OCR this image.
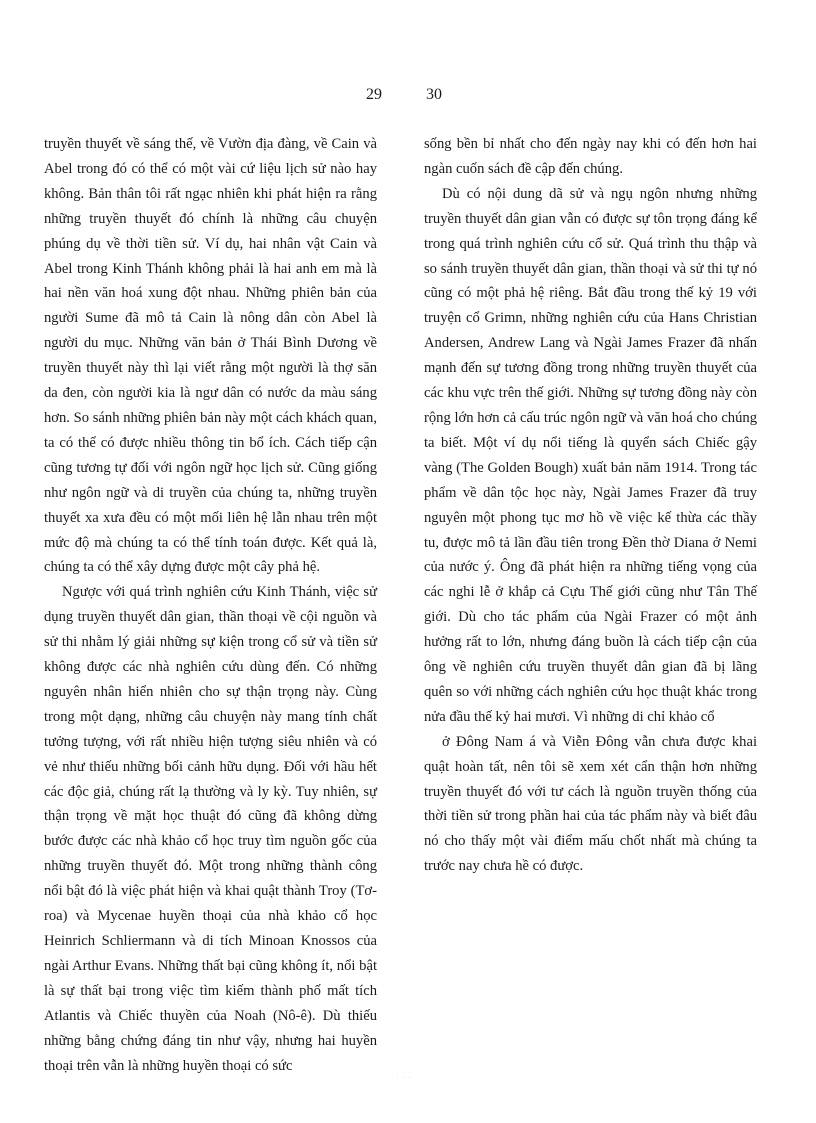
29	30

truyền thuyết về sáng thế, về Vườn địa đàng, về Cain và Abel trong đó có thể có một vài cứ liệu lịch sử nào hay không. Bản thân tôi rất ngạc nhiên khi phát hiện ra rằng những truyền thuyết đó chính là những câu chuyện phúng dụ về thời tiền sử. Ví dụ, hai nhân vật Cain và Abel trong Kinh Thánh không phải là hai anh em mà là hai nền văn hoá xung đột nhau. Những phiên bản của người Sume đã mô tả Cain là nông dân còn Abel là người du mục. Những văn bản ở Thái Bình Dương về truyền thuyết này thì lại viết rằng một người là thợ săn da đen, còn người kia là ngư dân có nước da màu sáng hơn. So sánh những phiên bản này một cách khách quan, ta có thể có được nhiều thông tin bổ ích. Cách tiếp cận cũng tương tự đối với ngôn ngữ học lịch sử. Cũng giống như ngôn ngữ và di truyền của chúng ta, những truyền thuyết xa xưa đều có một mối liên hệ lẫn nhau trên một mức độ mà chúng ta có thể tính toán được. Kết quả là, chúng ta có thể xây dựng được một cây phả hệ.

Ngược với quá trình nghiên cứu Kinh Thánh, việc sử dụng truyền thuyết dân gian, thần thoại về cội nguồn và sử thi nhằm lý giải những sự kiện trong cổ sử và tiền sử không được các nhà nghiên cứu dùng đến. Có những nguyên nhân hiển nhiên cho sự thận trọng này. Cùng trong một dạng, những câu chuyện này mang tính chất tưởng tượng, với rất nhiều hiện tượng siêu nhiên và có vẻ như thiếu những bối cảnh hữu dụng. Đối với hầu hết các độc giả, chúng rất lạ thường và ly kỳ. Tuy nhiên, sự thận trọng về mặt học thuật đó cũng đã không dừng bước được các nhà khảo cổ học truy tìm nguồn gốc của những truyền thuyết đó. Một trong những thành công nổi bật đó là việc phát hiện và khai quật thành Troy (Tơ-roa) và Mycenae huyền thoại của nhà khảo cổ học Heinrich Schliermann và di tích Minoan Knossos của ngài Arthur Evans. Những thất bại cũng không ít, nổi bật là sự thất bại trong việc tìm kiếm thành phố mất tích Atlantis và Chiếc thuyền của Noah (Nô-ê). Dù thiếu những bằng chứng đáng tin như vậy, nhưng hai huyền thoại trên vẫn là những huyền thoại có sức

sống bền bỉ nhất cho đến ngày nay khi có đến hơn hai ngàn cuốn sách đề cập đến chúng.

Dù có nội dung dã sử và ngụ ngôn nhưng những truyền thuyết dân gian vẫn có được sự tôn trọng đáng kể trong quá trình nghiên cứu cổ sử. Quá trình thu thập và so sánh truyền thuyết dân gian, thần thoại và sử thi tự nó cũng có một phả hệ riêng. Bắt đầu trong thế kỷ 19 với truyện cổ Grimn, những nghiên cứu của Hans Christian Andersen, Andrew Lang và Ngài James Frazer đã nhấn mạnh đến sự tương đồng trong những truyền thuyết của các khu vực trên thế giới. Những sự tương đồng này còn rộng lớn hơn cả cấu trúc ngôn ngữ và văn hoá cho chúng ta biết. Một ví dụ nổi tiếng là quyển sách Chiếc gậy vàng (The Golden Bough) xuất bản năm 1914. Trong tác phẩm về dân tộc học này, Ngài James Frazer đã truy nguyên một phong tục mơ hồ về việc kế thừa các thầy tu, được mô tả lần đầu tiên trong Đền thờ Diana ở Nemi của nước ý. Ông đã phát hiện ra những tiếng vọng của các nghi lễ ở khắp cả Cựu Thế giới cũng như Tân Thế giới. Dù cho tác phẩm của Ngài Frazer có một ảnh hưởng rất to lớn, nhưng đáng buồn là cách tiếp cận của ông về nghiên cứu truyền thuyết dân gian đã bị lãng quên so với những cách nghiên cứu học thuật khác trong nửa đầu thế kỷ hai mươi. Vì những di chỉ khảo cổ

ở Đông Nam á và Viễn Đông vẫn chưa được khai quật hoàn tất, nên tôi sẽ xem xét cẩn thận hơn những truyền thuyết đó với tư cách là nguồn truyền thống của thời tiền sử trong phần hai của tác phẩm này và biết đâu nó cho thấy một vài điểm mấu chốt nhất mà chúng ta trước nay chưa hề có được.

· · ·
